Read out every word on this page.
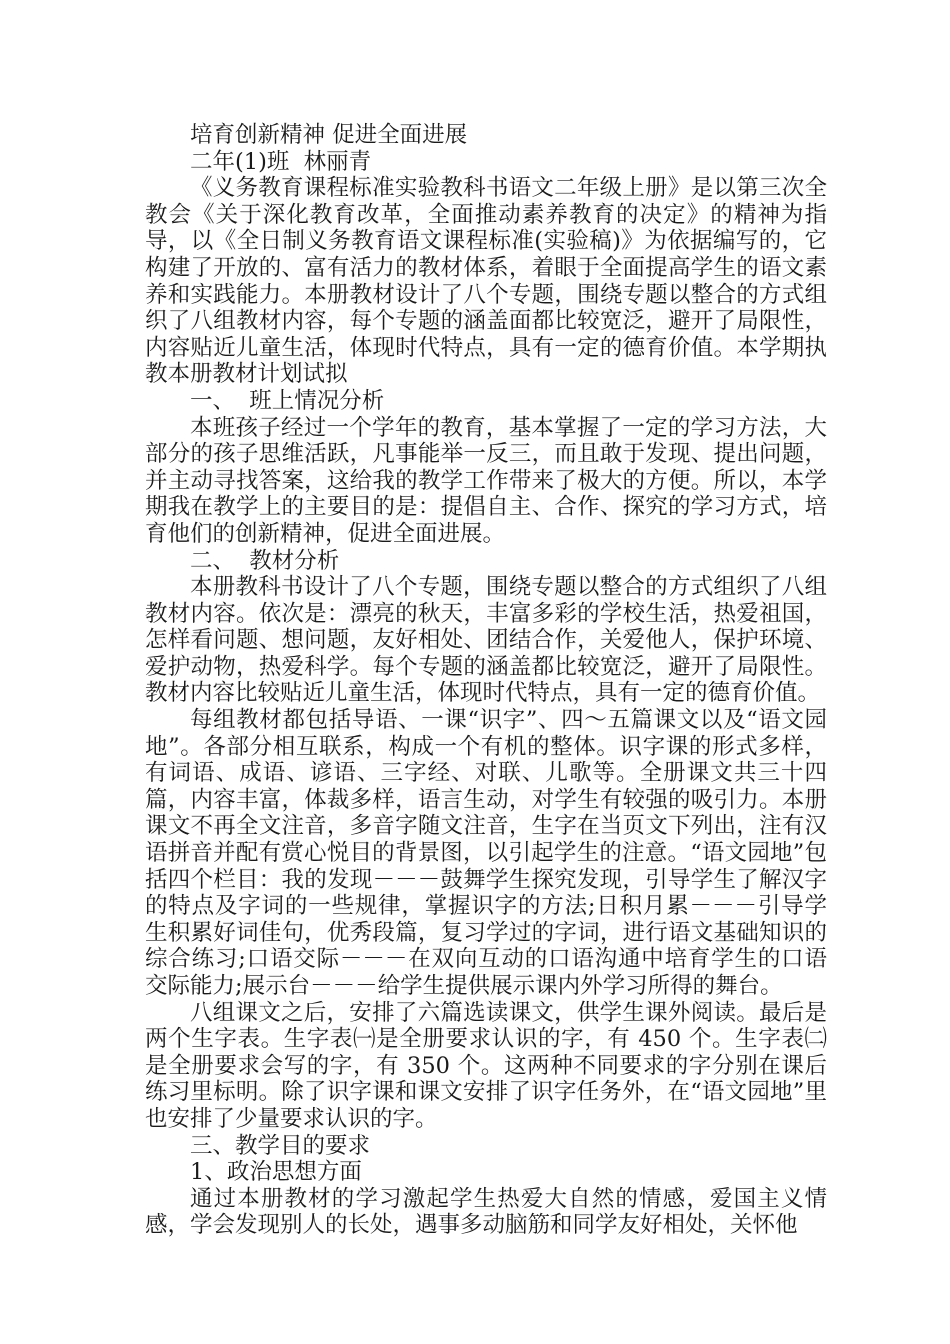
培育创新精神 促进全面进展
二年(1)班  林丽青

《义务教育课程标准实验教科书语文二年级上册》是以第三次全教会《关于深化教育改革，全面推动素养教育的决定》的精神为指导，以《全日制义务教育语文课程标准(实验稿)》为依据编写的，它构建了开放的、富有活力的教材体系，着眼于全面提高学生的语文素养和实践能力。本册教材设计了八个专题，围绕专题以整合的方式组织了八组教材内容，每个专题的涵盖面都比较宽泛，避开了局限性，内容贴近儿童生活，体现时代特点，具有一定的德育价值。本学期执教本册教材计划试拟

一、  班上情况分析

本班孩子经过一个学年的教育，基本掌握了一定的学习方法，大部分的孩子思维活跃，凡事能举一反三，而且敢于发现、提出问题，并主动寻找答案，这给我的教学工作带来了极大的方便。所以，本学期我在教学上的主要目的是：提倡自主、合作、探究的学习方式，培育他们的创新精神，促进全面进展。

二、  教材分析

本册教科书设计了八个专题，围绕专题以整合的方式组织了八组教材内容。依次是：漂亮的秋天，丰富多彩的学校生活，热爱祖国，怎样看问题、想问题，友好相处、团结合作，关爱他人，保护环境、爱护动物，热爱科学。每个专题的涵盖都比较宽泛，避开了局限性。教材内容比较贴近儿童生活，体现时代特点，具有一定的德育价值。

每组教材都包括导语、一课“识字”、四～五篇课文以及“语文园地”。各部分相互联系，构成一个有机的整体。识字课的形式多样，有词语、成语、谚语、三字经、对联、儿歌等。全册课文共三十四篇，内容丰富，体裁多样，语言生动，对学生有较强的吸引力。本册课文不再全文注音，多音字随文注音，生字在当页文下列出，注有汉语拼音并配有赏心悦目的背景图，以引起学生的注意。“语文园地”包括四个栏目：我的发现－－－鼓舞学生探究发现，引导学生了解汉字的特点及字词的一些规律，掌握识字的方法;日积月累－－－引导学生积累好词佳句，优秀段篇，复习学过的字词，进行语文基础知识的综合练习;口语交际－－－在双向互动的口语沟通中培育学生的口语交际能力;展示台－－－给学生提供展示课内外学习所得的舞台。

八组课文之后，安排了六篇选读课文，供学生课外阅读。最后是两个生字表。生字表㈠是全册要求认识的字，有 450 个。生字表㈡是全册要求会写的字，有 350 个。这两种不同要求的字分别在课后练习里标明。除了识字课和课文安排了识字任务外，在“语文园地”里也安排了少量要求认识的字。

三、教学目的要求
1、政治思想方面

通过本册教材的学习激起学生热爱大自然的情感，爱国主义情感，学会发现别人的长处，遇事多动脑筋和同学友好相处，关怀他
